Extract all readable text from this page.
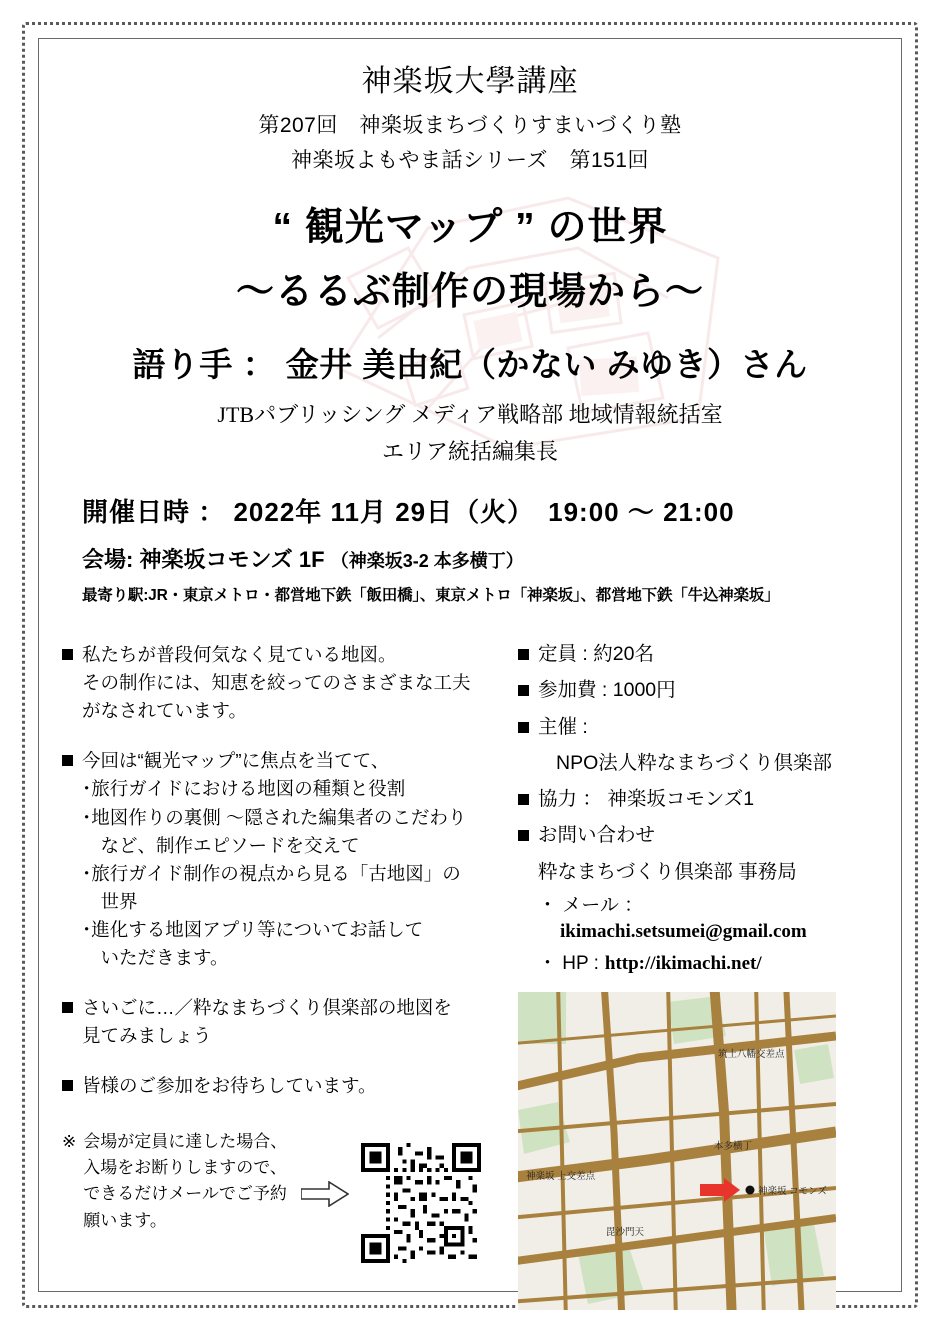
神楽坂大學講座
第207回　神楽坂まちづくりすまいづくり塾
神楽坂よもやま話シリーズ　第151回
“ 観光マップ ” の世界
〜るるぶ制作の現場から〜
語り手 ： 金井 美由紀（かない みゆき）さん
JTBパブリッシング メディア戦略部 地域情報統括室
エリア統括編集長
開催日時 ： 2022年 11月 29日（火）　19:00 〜 21:00
会場: 神楽坂コモンズ 1F （神楽坂3-2 本多横丁）
最寄り駅:JR・東京メトロ・都営地下鉄「飯田橋」、東京メトロ「神楽坂」、都営地下鉄「牛込神楽坂」
私たちが普段何気なく見ている地図。
その制作には、知恵を絞ってのさまざまな工夫
がなされています。
今回は“観光マップ”に焦点を当てて、
･旅行ガイドにおける地図の種類と役割
･地図作りの裏側 〜隠された編集者のこだわり
　など、制作エピソードを交えて
･旅行ガイド制作の視点から見る「古地図」の
　世界
･進化する地図アプリ等についてお話して
　いただきます。
さいごに…／粋なまちづくり倶楽部の地図を
見てみましょう
皆様のご参加をお待ちしています。
※ 会場が定員に達した場合、
入場をお断りしますので、
できるだけメールでご予約
願います。
定員 : 約20名
参加費 : 1000円
主催 :
NPO法人粋なまちづくり倶楽部
協力 ： 神楽坂コモンズ1
お問い合わせ
粋なまちづくり倶楽部 事務局
・ メール ：
ikimachi.setsumei@gmail.com
・ HP : http://ikimachi.net/
筑土八幡交差点
本多横丁
神楽坂 上交差点
神楽坂 コモンズ
毘沙門天
